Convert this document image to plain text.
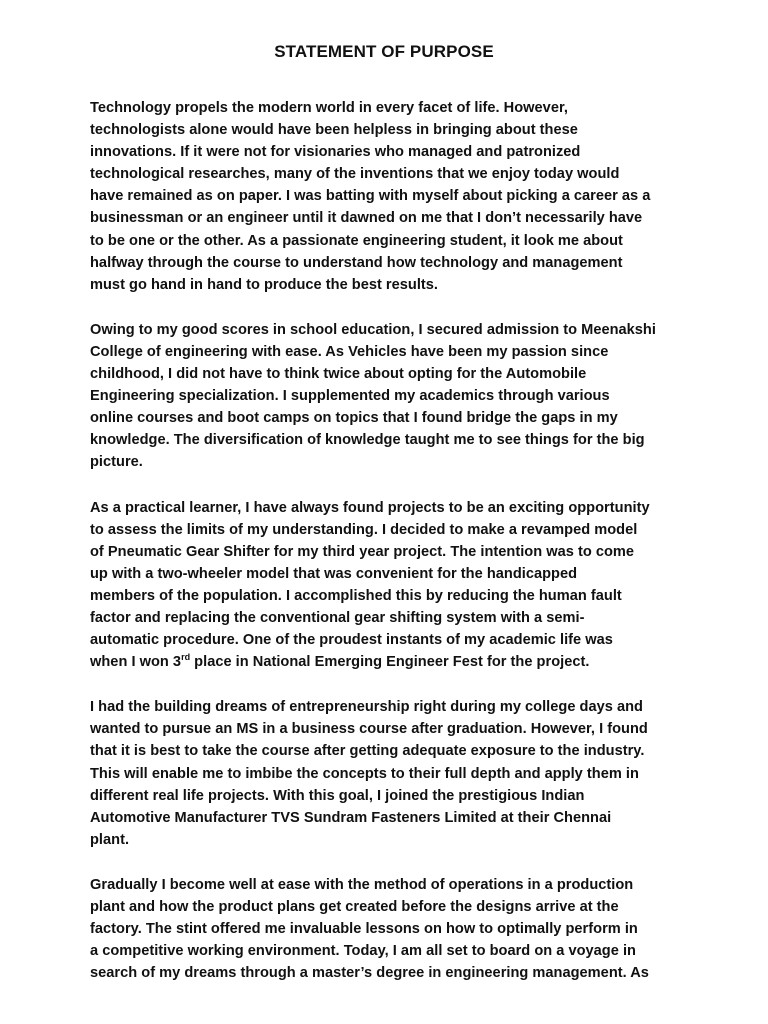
STATEMENT OF PURPOSE

Technology propels the modern world in every facet of life. However,
technologists alone would have been helpless in bringing about these
innovations. If it were not for visionaries who managed and patronized
technological researches, many of the inventions that we enjoy today would
have remained as on paper. I was batting with myself about picking a career as a
businessman or an engineer until it dawned on me that I don’t necessarily have
to be one or the other. As a passionate engineering student, it look me about
halfway through the course to understand how technology and management
must go hand in hand to produce the best results.

Owing to my good scores in school education, I secured admission to Meenakshi
College of engineering with ease. As Vehicles have been my passion since
childhood, I did not have to think twice about opting for the Automobile
Engineering specialization. I supplemented my academics through various
online courses and boot camps on topics that I found bridge the gaps in my
knowledge. The diversification of knowledge taught me to see things for the big
picture.

As a practical learner, I have always found projects to be an exciting opportunity
to assess the limits of my understanding. I decided to make a revamped model
of Pneumatic Gear Shifter for my third year project. The intention was to come
up with a two-wheeler model that was convenient for the handicapped
members of the population. I accomplished this by reducing the human fault
factor and replacing the conventional gear shifting system with a semi-
automatic procedure. One of the proudest instants of my academic life was
when I won 3rd place in National Emerging Engineer Fest for the project.

I had the building dreams of entrepreneurship right during my college days and
wanted to pursue an MS in a business course after graduation. However, I found
that it is best to take the course after getting adequate exposure to the industry.
This will enable me to imbibe the concepts to their full depth and apply them in
different real life projects. With this goal, I joined the prestigious Indian
Automotive Manufacturer TVS Sundram Fasteners Limited at their Chennai
plant.

Gradually I become well at ease with the method of operations in a production
plant and how the product plans get created before the designs arrive at the
factory. The stint offered me invaluable lessons on how to optimally perform in
a competitive working environment. Today, I am all set to board on a voyage in
search of my dreams through a master’s degree in engineering management. As
